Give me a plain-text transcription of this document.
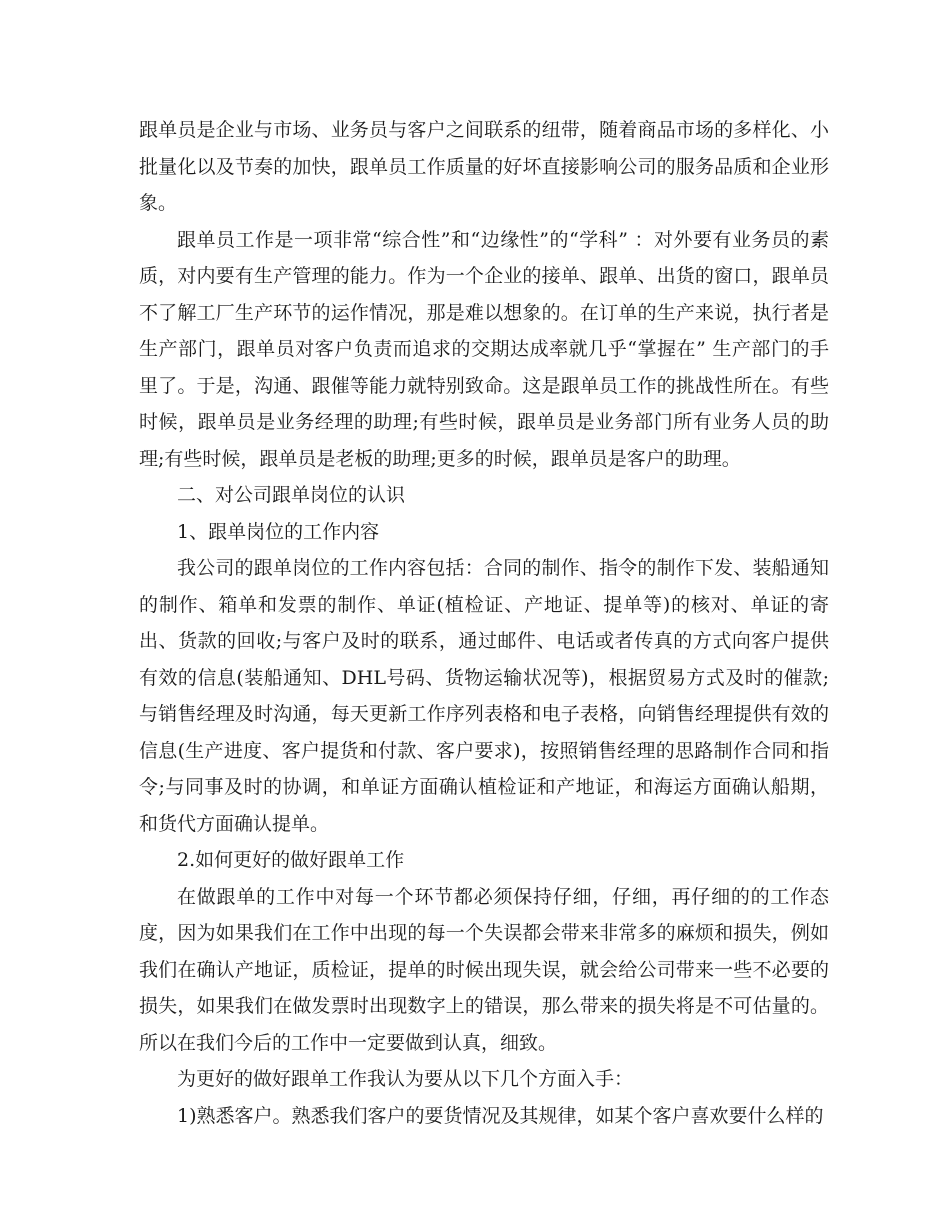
跟单员是企业与市场、业务员与客户之间联系的纽带，随着商品市场的多样化、小批量化以及节奏的加快，跟单员工作质量的好坏直接影响公司的服务品质和企业形象。

跟单员工作是一项非常“综合性”和“边缘性”的“学科” ：对外要有业务员的素质，对内要有生产管理的能力。作为一个企业的接单、跟单、出货的窗口，跟单员不了解工厂生产环节的运作情况，那是难以想象的。在订单的生产来说，执行者是生产部门，跟单员对客户负责而追求的交期达成率就几乎“掌握在” 生产部门的手里了。于是，沟通、跟催等能力就特别致命。这是跟单员工作的挑战性所在。有些时候，跟单员是业务经理的助理;有些时候，跟单员是业务部门所有业务人员的助理;有些时候，跟单员是老板的助理;更多的时候，跟单员是客户的助理。

二、对公司跟单岗位的认识

1、跟单岗位的工作内容

我公司的跟单岗位的工作内容包括：合同的制作、指令的制作下发、装船通知的制作、箱单和发票的制作、单证(植检证、产地证、提单等)的核对、单证的寄出、货款的回收;与客户及时的联系，通过邮件、电话或者传真的方式向客户提供有效的信息(装船通知、DHL号码、货物运输状况等)，根据贸易方式及时的催款;与销售经理及时沟通，每天更新工作序列表格和电子表格，向销售经理提供有效的信息(生产进度、客户提货和付款、客户要求)，按照销售经理的思路制作合同和指令;与同事及时的协调，和单证方面确认植检证和产地证，和海运方面确认船期，和货代方面确认提单。

2.如何更好的做好跟单工作

在做跟单的工作中对每一个环节都必须保持仔细，仔细，再仔细的的工作态度，因为如果我们在工作中出现的每一个失误都会带来非常多的麻烦和损失，例如我们在确认产地证，质检证，提单的时候出现失误，就会给公司带来一些不必要的损失，如果我们在做发票时出现数字上的错误，那么带来的损失将是不可估量的。所以在我们今后的工作中一定要做到认真，细致。

为更好的做好跟单工作我认为要从以下几个方面入手：

1)熟悉客户。熟悉我们客户的要货情况及其规律，如某个客户喜欢要什么样的
